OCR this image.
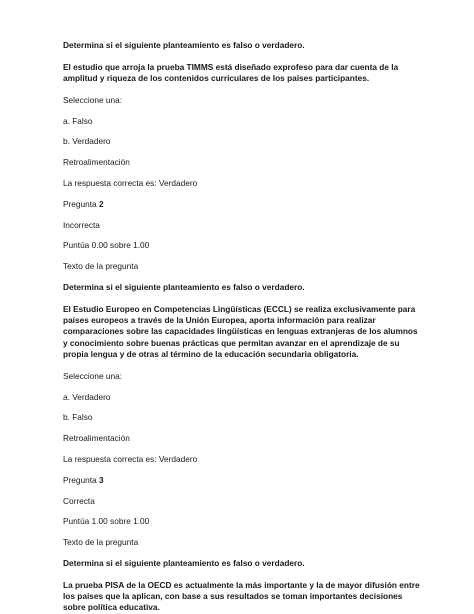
Determina si el siguiente planteamiento es falso o verdadero.

El estudio que arroja la prueba TIMMS está diseñado exprofeso para dar cuenta de la amplitud y riqueza de los contenidos curriculares de los países participantes.

Seleccione una:

a. Falso

b. Verdadero

Retroalimentación

La respuesta correcta es: Verdadero

Pregunta 2

Incorrecta

Puntúa 0.00 sobre 1.00

Texto de la pregunta

Determina si el siguiente planteamiento es falso o verdadero.

El Estudio Europeo en Competencias Lingüísticas (ECCL) se realiza exclusivamente para países europeos a través de la Unión Europea, aporta información para realizar comparaciones sobre las capacidades lingüísticas en lenguas extranjeras de los alumnos y conocimiento sobre buenas prácticas que permitan avanzar en el aprendizaje de su propia lengua y de otras al término de la educación secundaria obligatoria.

Seleccione una:

a. Verdadero

b. Falso

Retroalimentación

La respuesta correcta es: Verdadero

Pregunta 3

Correcta

Puntúa 1.00 sobre 1.00

Texto de la pregunta

Determina si el siguiente planteamiento es falso o verdadero.

La prueba PISA de la OECD es actualmente la más importante y la de mayor difusión entre los países que la aplican, con base a sus resultados se toman importantes decisiones sobre política educativa.
